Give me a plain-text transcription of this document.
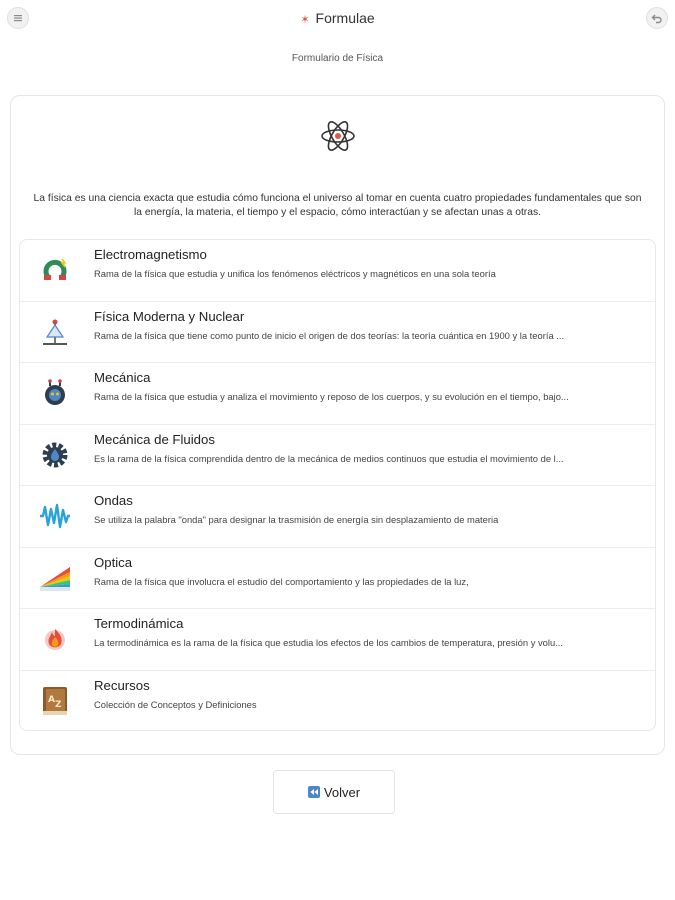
✶ Formulae
Formulario de Física
La física es una ciencia exacta que estudia cómo funciona el universo al tomar en cuenta cuatro propiedades fundamentales que son la energía, la materia, el tiempo y el espacio, cómo interactúan y se afectan unas a otras.
Electromagnetismo
Rama de la física que estudia y unifica los fenómenos eléctricos y magnéticos en una sola teoría
Física Moderna y Nuclear
Rama de la física que tiene como punto de inicio el origen de dos teorías: la teoría cuántica en 1900 y la teoría ...
Mecánica
Rama de la física que estudia y analiza el movimiento y reposo de los cuerpos, y su evolución en el tiempo, bajo...
Mecánica de Fluidos
Es la rama de la física comprendida dentro de la mecánica de medios continuos que estudia el movimiento de l...
Ondas
Se utiliza la palabra "onda" para designar la trasmisión de energía sin desplazamiento de materia
Optica
Rama de la física que involucra el estudio del comportamiento y las propiedades de la luz,
Termodinámica
La termodinámica es la rama de la física que estudia los efectos de los cambios de temperatura, presión y volu...
A Z
Recursos
Colección de Conceptos y Definiciones
Volver
